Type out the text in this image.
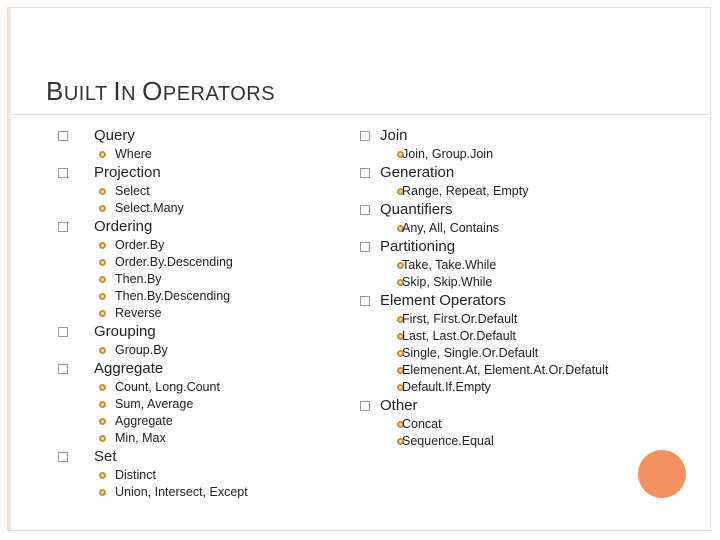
BUILT IN OPERATORS
Query
Where
Projection
Select
Select.Many
Ordering
Order.By
Order.By.Descending
Then.By
Then.By.Descending
Reverse
Grouping
Group.By
Aggregate
Count, Long.Count
Sum, Average
Aggregate
Min, Max
Set
Distinct
Union, Intersect, Except
Join
Join, Group.Join
Generation
Range, Repeat, Empty
Quantifiers
Any, All, Contains
Partitioning
Take, Take.While
Skip, Skip.While
Element Operators
First, First.Or.Default
Last, Last.Or.Default
Single, Single.Or.Default
Elemenent.At, Element.At.Or.Defatult
Default.If.Empty
Other
Concat
Sequence.Equal
